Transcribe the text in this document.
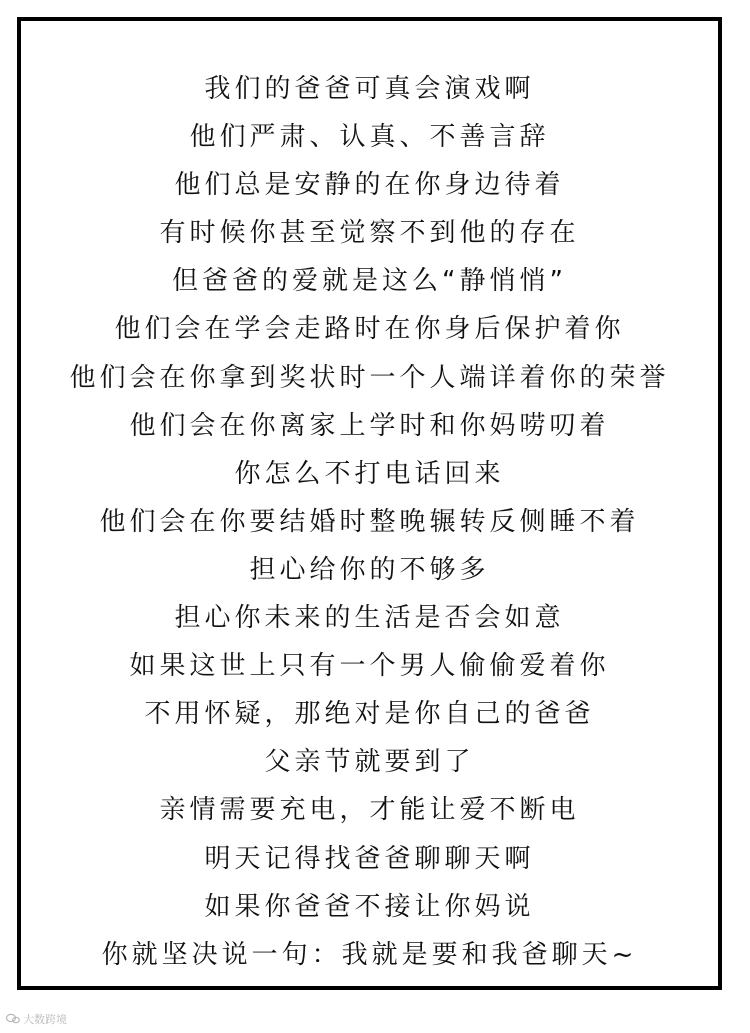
我们的爸爸可真会演戏啊
他们严肃、认真、不善言辞
他们总是安静的在你身边待着
有时候你甚至觉察不到他的存在
但爸爸的爱就是这么“静悄悄”
他们会在学会走路时在你身后保护着你
他们会在你拿到奖状时一个人端详着你的荣誉
他们会在你离家上学时和你妈唠叨着
你怎么不打电话回来
他们会在你要结婚时整晚辗转反侧睡不着
担心给你的不够多
担心你未来的生活是否会如意
如果这世上只有一个男人偷偷爱着你
不用怀疑，那绝对是你自己的爸爸
父亲节就要到了
亲情需要充电，才能让爱不断电
明天记得找爸爸聊聊天啊
如果你爸爸不接让你妈说
你就坚决说一句：我就是要和我爸聊天~
大数跨境
